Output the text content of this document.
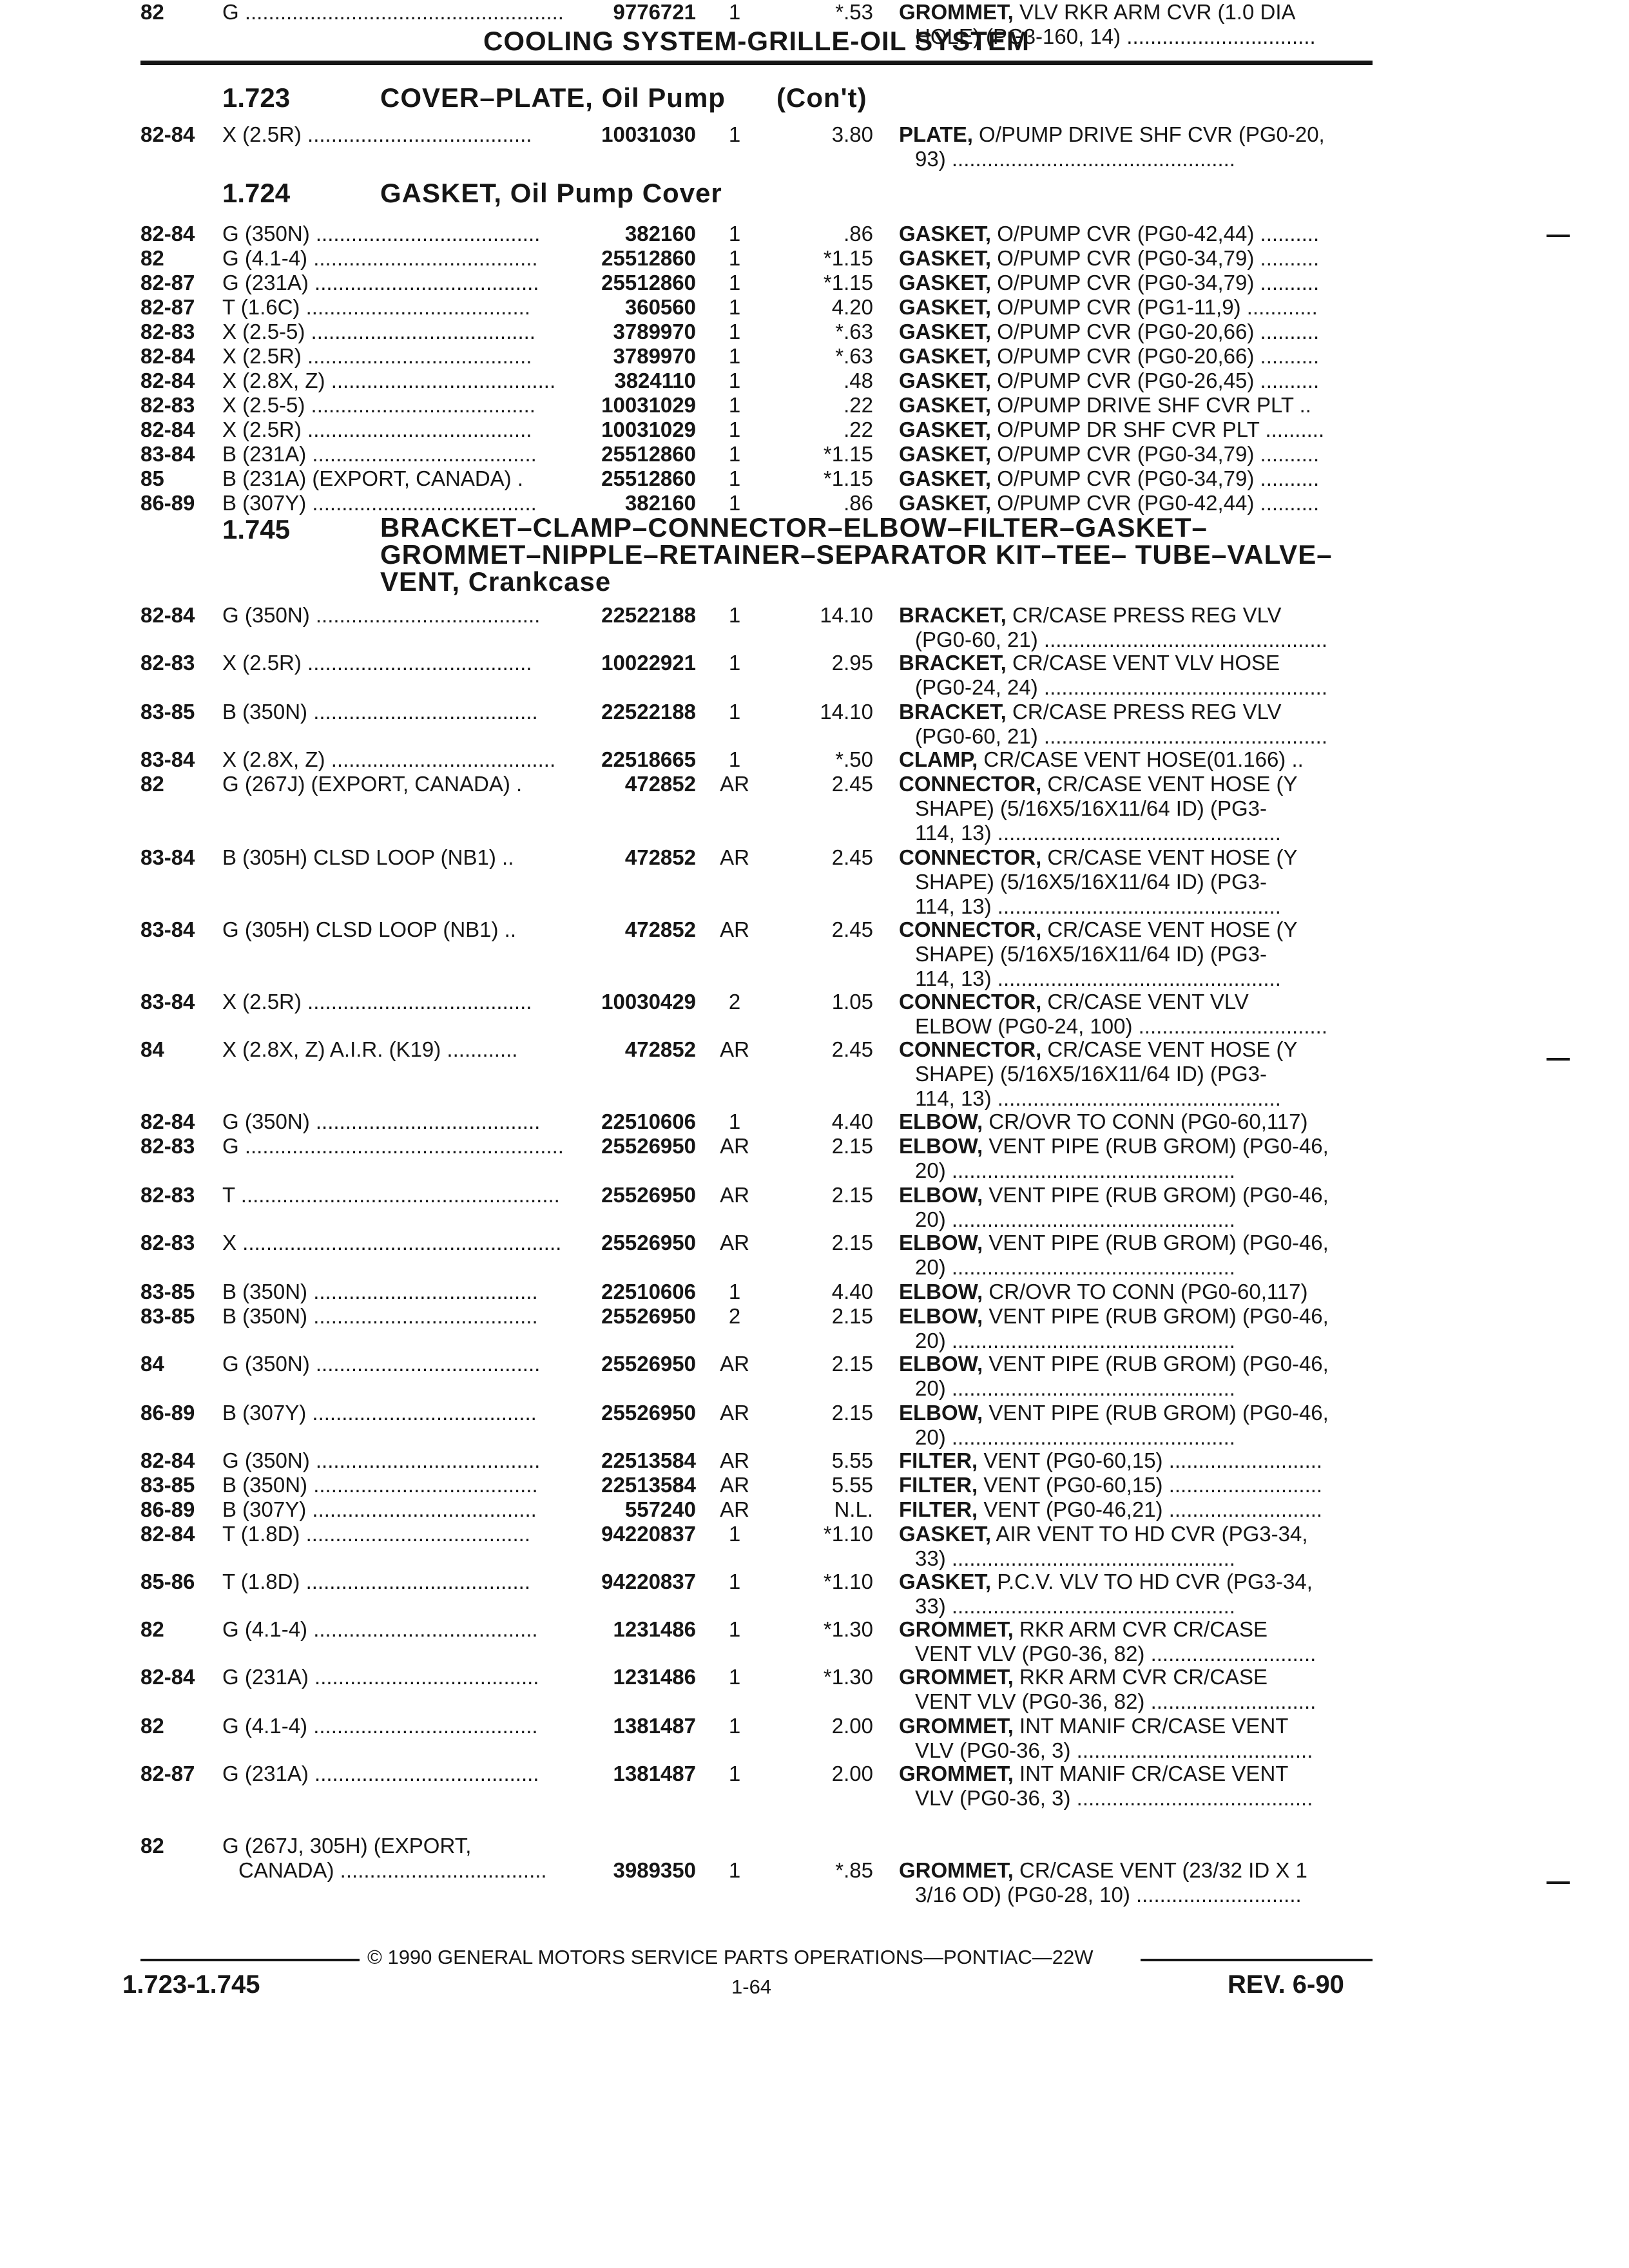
COOLING SYSTEM-GRILLE-OIL SYSTEM
1.723	COVER–PLATE, Oil Pump (Con't)
1.724	GASKET, Oil Pump Cover
1.745	BRACKET–CLAMP–CONNECTOR–ELBOW–FILTER–GASKET– GROMMET–NIPPLE–RETAINER–SEPARATOR KIT–TEE– TUBE–VALVE–VENT, Crankcase
82-84 X (2.5R) ......................................	10031030	1	3.80 PLATE, O/PUMP DRIVE SHF CVR (PG0-20,
93) ................................................
82-84 G (350N) ......................................	382160	1	.86 GASKET, O/PUMP CVR (PG0-42,44) ..........
82	G (4.1-4) ......................................	25512860	1	*1.15 GASKET, O/PUMP CVR (PG0-34,79) ..........
82-87 G (231A) ......................................	25512860	1	*1.15 GASKET, O/PUMP CVR (PG0-34,79) ..........
82-87 T (1.6C) ......................................	360560	1	4.20 GASKET, O/PUMP CVR (PG1-11,9) ............
82-83 X (2.5-5) ......................................	3789970	1	*.63 GASKET, O/PUMP CVR (PG0-20,66) ..........
82-84 X (2.5R) ......................................	3789970	1	*.63 GASKET, O/PUMP CVR (PG0-20,66) ..........
82-84 X (2.8X, Z) ......................................	3824110	1	.48 GASKET, O/PUMP CVR (PG0-26,45) ..........
82-83 X (2.5-5) ......................................	10031029	1	.22 GASKET, O/PUMP DRIVE SHF CVR PLT ..
82-84 X (2.5R) ......................................	10031029	1	.22 GASKET, O/PUMP DR SHF CVR PLT ..........
83-84 B (231A) ......................................	25512860	1	*1.15 GASKET, O/PUMP CVR (PG0-34,79) ..........
85	B (231A) (EXPORT, CANADA) .	25512860	1	*1.15 GASKET, O/PUMP CVR (PG0-34,79) ..........
86-89 B (307Y) ......................................	382160	1	.86 GASKET, O/PUMP CVR (PG0-42,44) ..........
82-84 G (350N) ......................................	22522188	1	14.10 BRACKET, CR/CASE PRESS REG VLV
(PG0-60, 21) ................................................
82-83 X (2.5R) ......................................	10022921	1	2.95 BRACKET, CR/CASE VENT VLV HOSE
(PG0-24, 24) ................................................
83-85 B (350N) ......................................	22522188	1	14.10 BRACKET, CR/CASE PRESS REG VLV
(PG0-60, 21) ................................................
83-84 X (2.8X, Z) ......................................	22518665	1	*.50 CLAMP, CR/CASE VENT HOSE(01.166) ..
82	G (267J) (EXPORT, CANADA) .	472852	AR	2.45 CONNECTOR, CR/CASE VENT HOSE (Y
SHAPE) (5/16X5/16X11/64 ID) (PG3-
114, 13) ................................................
83-84 B (305H) CLSD LOOP (NB1) ..	472852	AR	2.45 CONNECTOR, CR/CASE VENT HOSE (Y
SHAPE) (5/16X5/16X11/64 ID) (PG3-
114, 13) ................................................
83-84 G (305H) CLSD LOOP (NB1) ..	472852	AR	2.45 CONNECTOR, CR/CASE VENT HOSE (Y
SHAPE) (5/16X5/16X11/64 ID) (PG3-
114, 13) ................................................
83-84 X (2.5R) ......................................	10030429	2	1.05 CONNECTOR, CR/CASE VENT VLV
ELBOW (PG0-24, 100) ................................
84	X (2.8X, Z) A.I.R. (K19) ............	472852	AR	2.45 CONNECTOR, CR/CASE VENT HOSE (Y
SHAPE) (5/16X5/16X11/64 ID) (PG3-
114, 13) ................................................
82-84 G (350N) ......................................	22510606	1	4.40 ELBOW, CR/OVR TO CONN (PG0-60,117)
82-83 G ......................................................	25526950	AR	2.15 ELBOW, VENT PIPE (RUB GROM) (PG0-46,
20) ................................................
82-83 T ......................................................	25526950	AR	2.15 ELBOW, VENT PIPE (RUB GROM) (PG0-46,
20) ................................................
82-83 X ......................................................	25526950	AR	2.15 ELBOW, VENT PIPE (RUB GROM) (PG0-46,
20) ................................................
83-85 B (350N) ......................................	22510606	1	4.40 ELBOW, CR/OVR TO CONN (PG0-60,117)
83-85 B (350N) ......................................	25526950	2	2.15 ELBOW, VENT PIPE (RUB GROM) (PG0-46,
20) ................................................
84	G (350N) ......................................	25526950	AR	2.15 ELBOW, VENT PIPE (RUB GROM) (PG0-46,
20) ................................................
86-89 B (307Y) ......................................	25526950	AR	2.15 ELBOW, VENT PIPE (RUB GROM) (PG0-46,
20) ................................................
82-84 G (350N) ......................................	22513584	AR	5.55 FILTER, VENT (PG0-60,15) ..........................
83-85 B (350N) ......................................	22513584	AR	5.55 FILTER, VENT (PG0-60,15) ..........................
86-89 B (307Y) ......................................	557240	AR	N.L. FILTER, VENT (PG0-46,21) ..........................
82-84 T (1.8D) ......................................	94220837	1	*1.10 GASKET, AIR VENT TO HD CVR (PG3-34,
33) ................................................
85-86 T (1.8D) ......................................	94220837	1	*1.10 GASKET, P.C.V. VLV TO HD CVR (PG3-34,
33) ................................................
82	G (4.1-4) ......................................	1231486	1	*1.30 GROMMET, RKR ARM CVR CR/CASE
VENT VLV (PG0-36, 82) ............................
82-84 G (231A) ......................................	1231486	1	*1.30 GROMMET, RKR ARM CVR CR/CASE
VENT VLV (PG0-36, 82) ............................
82	G (4.1-4) ......................................	1381487	1	2.00 GROMMET, INT MANIF CR/CASE VENT
VLV (PG0-36, 3) ........................................
82-87 G (231A) ......................................	1381487	1	2.00 GROMMET, INT MANIF CR/CASE VENT
VLV (PG0-36, 3) ........................................
82	G (267J, 305H) (EXPORT,
CANADA) ...................................	3989350	1	*.85 GROMMET, CR/CASE VENT (23/32 ID X 1
3/16 OD) (PG0-28, 10) ............................
82	G ......................................................	9776721	1	*.53 GROMMET, VLV RKR ARM CVR (1.0 DIA
HOLE) (PG3-160, 14) ................................
© 1990 GENERAL MOTORS SERVICE PARTS OPERATIONS—PONTIAC—22W
1.723-1.745	1-64	REV. 6-90
